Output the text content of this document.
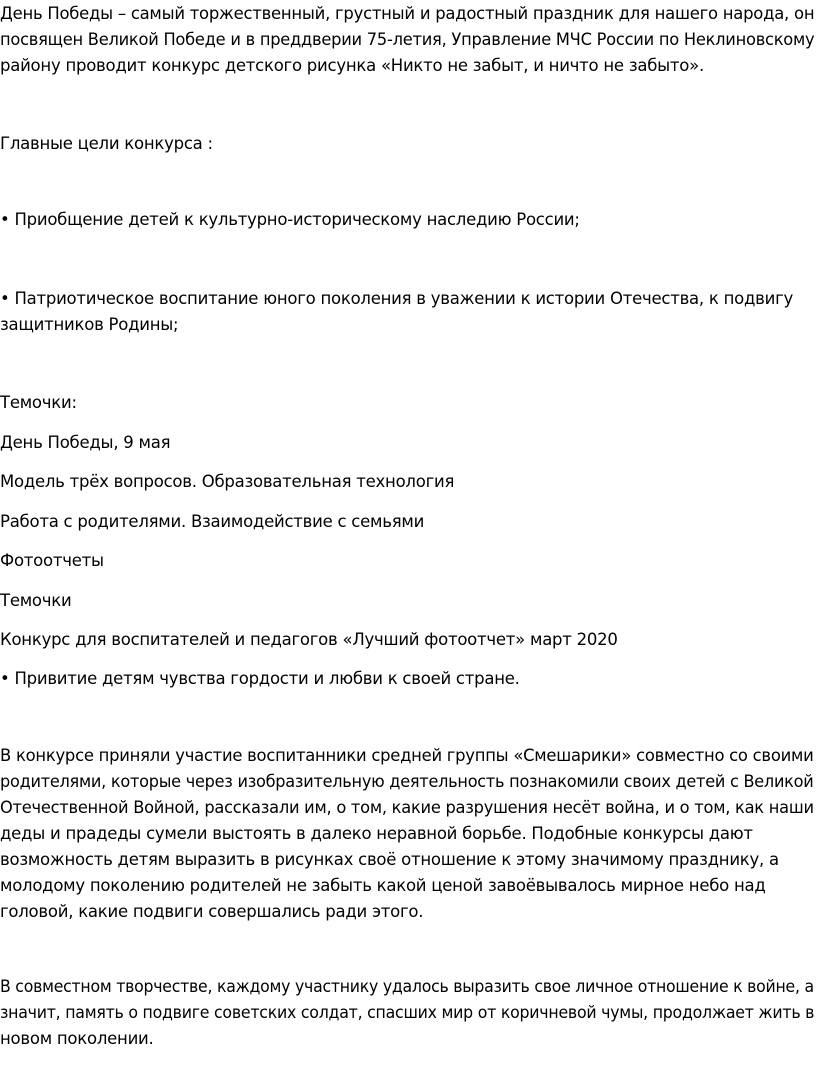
День Победы – самый торжественный, грустный и радостный праздник для нашего народа, он
посвящен Великой Победе и в преддверии 75-летия, Управление МЧС России по Неклиновскому
району проводит конкурс детского рисунка «Никто не забыт, и ничто не забыто».
Главные цели конкурса :
• Приобщение детей к культурно-историческому наследию России;
• Патриотическое воспитание юного поколения в уважении к истории Отечества, к подвигу
защитников Родины;
Темочки:
День Победы, 9 мая
Модель трёх вопросов. Образовательная технология
Работа с родителями. Взаимодействие с семьями
Фотоотчеты
Темочки
Конкурс для воспитателей и педагогов «Лучший фотоотчет» март 2020
• Привитие детям чувства гордости и любви к своей стране.
В конкурсе приняли участие воспитанники средней группы «Смешарики» совместно со своими
родителями, которые через изобразительную деятельность познакомили своих детей с Великой
Отечественной Войной, рассказали им, о том, какие разрушения несёт война, и о том, как наши
деды и прадеды сумели выстоять в далеко неравной борьбе. Подобные конкурсы дают
возможность детям выразить в рисунках своё отношение к этому значимому празднику, а
молодому поколению родителей не забыть какой ценой завоёвывалось мирное небо над
головой, какие подвиги совершались ради этого.
В совместном творчестве, каждому участнику удалось выразить свое личное отношение к войне, а
значит, память о подвиге советских солдат, спасших мир от коричневой чумы, продолжает жить в
новом поколении.
